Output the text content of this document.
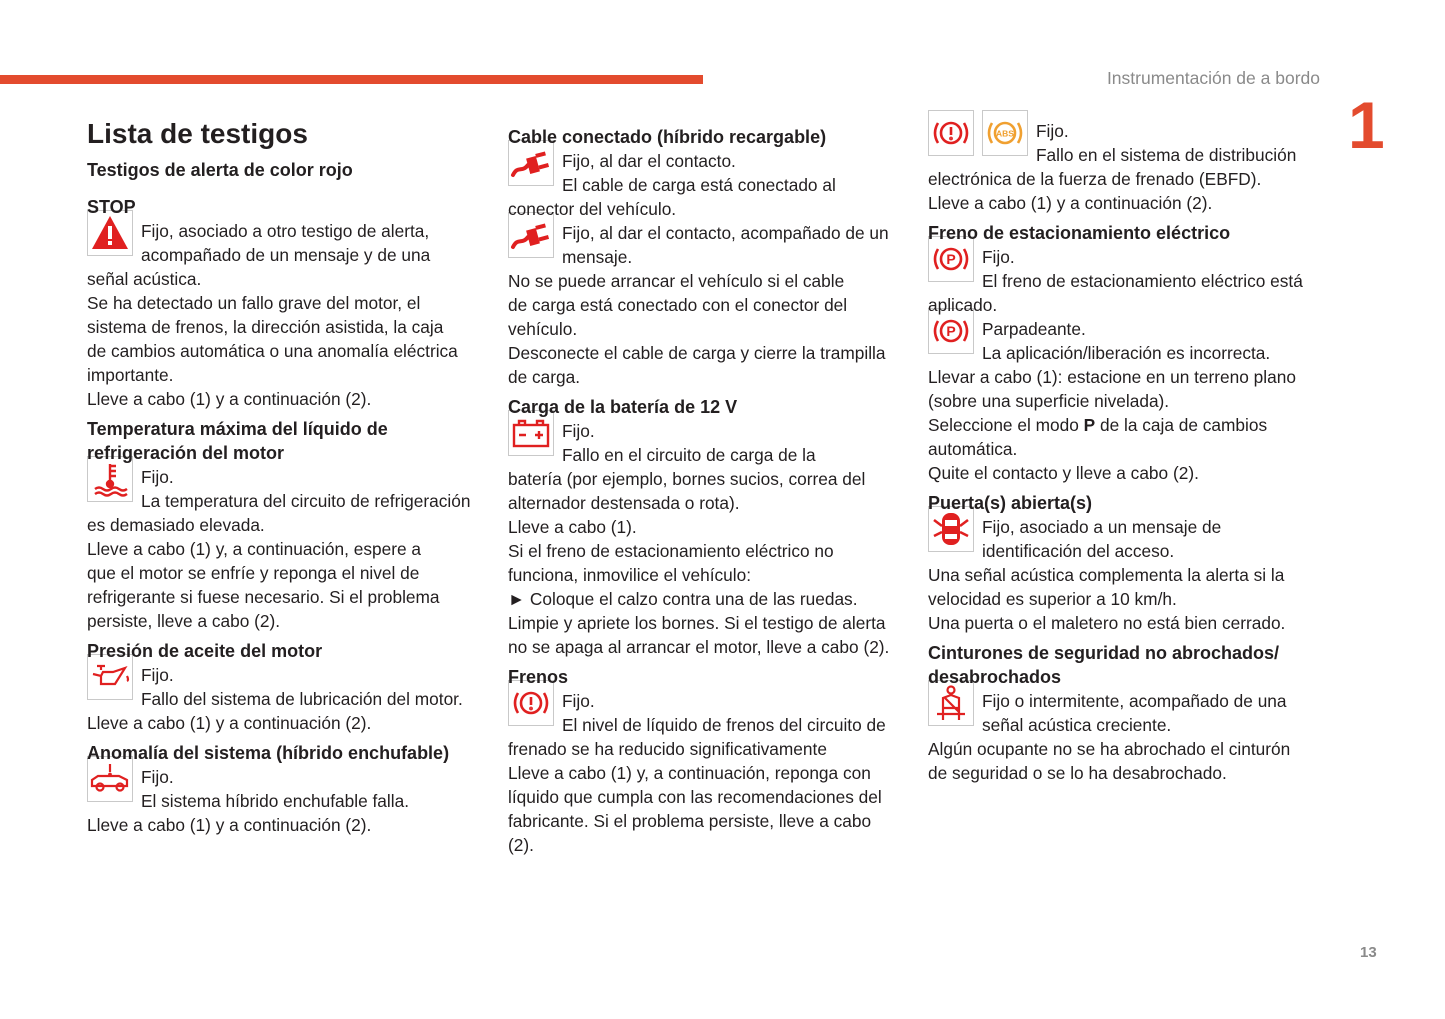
Instrumentación de a bordo
1
13
Lista de testigos
Testigos de alerta de color rojo
STOP
Fijo, asociado a otro testigo de alerta,
acompañado de un mensaje y de una
señal acústica.
Se ha detectado un fallo grave del motor, el
sistema de frenos, la dirección asistida, la caja
de cambios automática o una anomalía eléctrica
importante.
Lleve a cabo (1) y a continuación (2).
Temperatura máxima del líquido de
refrigeración del motor
Fijo.
La temperatura del circuito de refrigeración
es demasiado elevada.
Lleve a cabo (1) y, a continuación, espere a
que el motor se enfríe y reponga el nivel de
refrigerante si fuese necesario. Si el problema
persiste, lleve a cabo (2).
Presión de aceite del motor
Fijo.
Fallo del sistema de lubricación del motor.
Lleve a cabo (1) y a continuación (2).
Anomalía del sistema (híbrido enchufable)
Fijo.
El sistema híbrido enchufable falla.
Lleve a cabo (1) y a continuación (2).
Cable conectado (híbrido recargable)
Fijo, al dar el contacto.
El cable de carga está conectado al
conector del vehículo.
Fijo, al dar el contacto, acompañado de un
mensaje.
No se puede arrancar el vehículo si el cable
de carga está conectado con el conector del
vehículo.
Desconecte el cable de carga y cierre la trampilla
de carga.
Carga de la batería de 12 V
Fijo.
Fallo en el circuito de carga de la
batería (por ejemplo, bornes sucios, correa del
alternador destensada o rota).
Lleve a cabo (1).
Si el freno de estacionamiento eléctrico no
funciona, inmovilice el vehículo:
► Coloque el calzo contra una de las ruedas.
Limpie y apriete los bornes. Si el testigo de alerta
no se apaga al arrancar el motor, lleve a cabo (2).
Frenos
Fijo.
El nivel de líquido de frenos del circuito de
frenado se ha reducido significativamente
Lleve a cabo (1) y, a continuación, reponga con
líquido que cumpla con las recomendaciones del
fabricante. Si el problema persiste, lleve a cabo
(2).
ABS	Fijo.
Fallo en el sistema de distribución
electrónica de la fuerza de frenado (EBFD).
Lleve a cabo (1) y a continuación (2).
Freno de estacionamiento eléctrico
P	Fijo.
El freno de estacionamiento eléctrico está
aplicado.
P	Parpadeante.
La aplicación/liberación es incorrecta.
Llevar a cabo (1): estacione en un terreno plano
(sobre una superficie nivelada).
Seleccione el modo P de la caja de cambios
automática.
Quite el contacto y lleve a cabo (2).
Puerta(s) abierta(s)
Fijo, asociado a un mensaje de
identificación del acceso.
Una señal acústica complementa la alerta si la
velocidad es superior a 10 km/h.
Una puerta o el maletero no está bien cerrado.
Cinturones de seguridad no abrochados/
desabrochados
Fijo o intermitente, acompañado de una
señal acústica creciente.
Algún ocupante no se ha abrochado el cinturón
de seguridad o se lo ha desabrochado.
